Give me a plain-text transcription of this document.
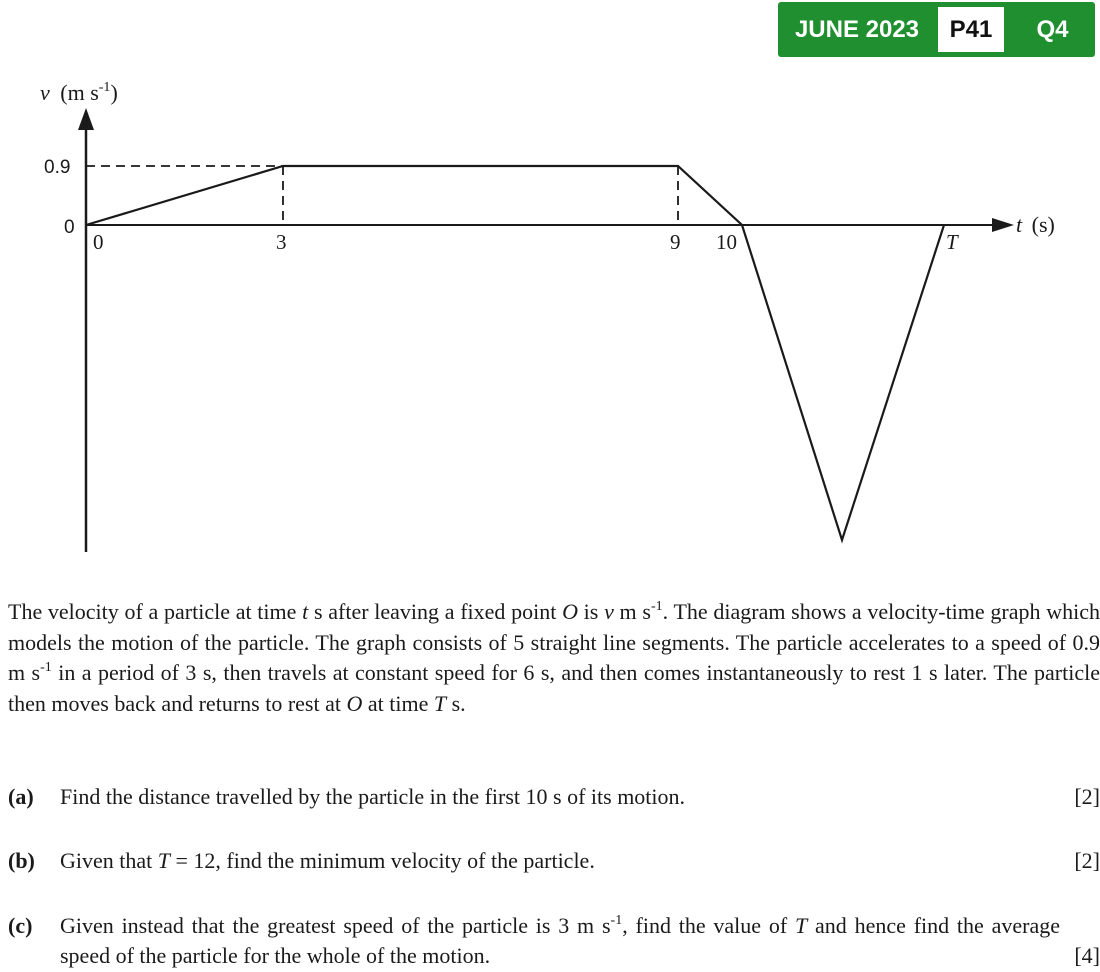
JUNE 2023	P41	Q4
v (m $s^{-1}$)
t (s)
0.9
0
0	3	9 10	T

The velocity of a particle at time t s after leaving a fixed point O is v m $s^{-1}$. The diagram shows a velocity-time graph which models the motion of the particle. The graph consists of 5 straight line segments. The particle accelerates to a speed of 0.9 m $s^{-1}$ in a period of 3 s, then travels at constant speed for 6 s, and then comes instantaneously to rest 1 s later. The particle then moves back and returns to rest at O at time T s.

(a) Find the distance travelled by the particle in the first 10 s of its motion.	[2]
(b) Given that T = 12, find the minimum velocity of the particle.	[2]
(c) Given instead that the greatest speed of the particle is 3 m $s^{-1}$, find the value of T and hence find the average speed of the particle for the whole of the motion.	[4]
